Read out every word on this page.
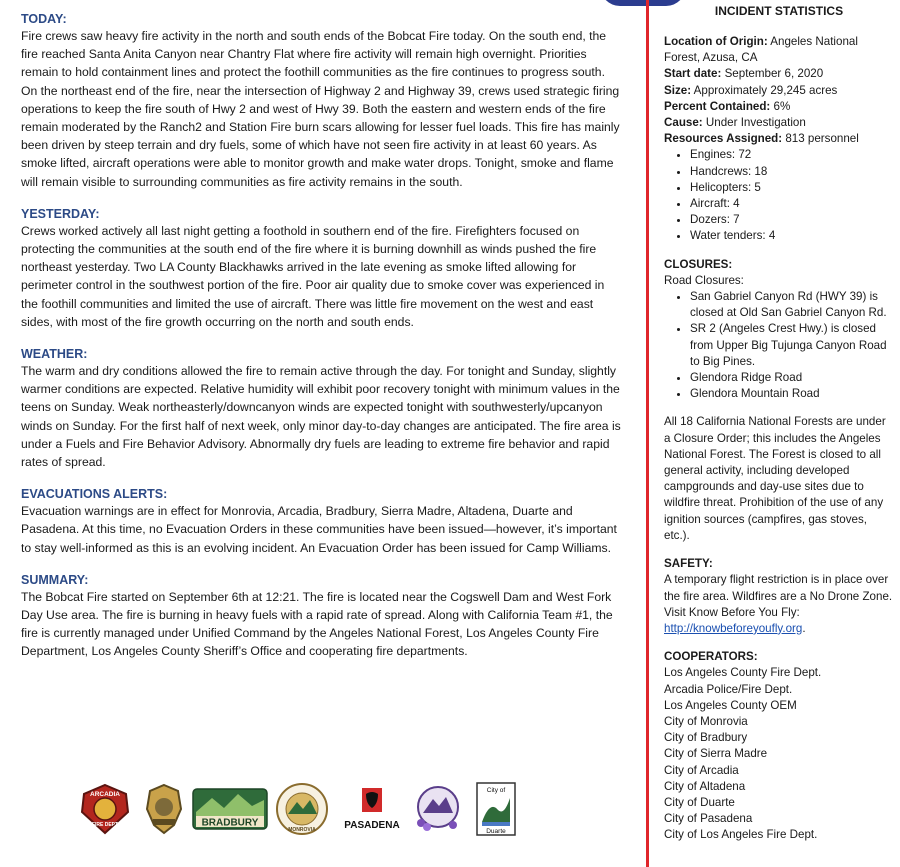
TODAY:

Fire crews saw heavy fire activity in the north and south ends of the Bobcat Fire today. On the south end, the fire reached Santa Anita Canyon near Chantry Flat where fire activity will remain high overnight. Priorities remain to hold containment lines and protect the foothill communities as the fire continues to progress south. On the northeast end of the fire, near the intersection of Highway 2 and Highway 39, crews used strategic firing operations to keep the fire south of Hwy 2 and west of Hwy 39. Both the eastern and western ends of the fire remain moderated by the Ranch2 and Station Fire burn scars allowing for lesser fuel loads. This fire has mainly been driven by steep terrain and dry fuels, some of which have not seen fire activity in at least 60 years. As smoke lifted, aircraft operations were able to monitor growth and make water drops. Tonight, smoke and flame will remain visible to surrounding communities as fire activity remains in the south.

YESTERDAY:

Crews worked actively all last night getting a foothold in southern end of the fire. Firefighters focused on protecting the communities at the south end of the fire where it is burning downhill as winds pushed the fire northeast yesterday. Two LA County Blackhawks arrived in the late evening as smoke lifted allowing for perimeter control in the southwest portion of the fire. Poor air quality due to smoke cover was experienced in the foothill communities and limited the use of aircraft. There was little fire movement on the west and east sides, with most of the fire growth occurring on the north and south ends.

WEATHER:

The warm and dry conditions allowed the fire to remain active through the day. For tonight and Sunday, slightly warmer conditions are expected. Relative humidity will exhibit poor recovery tonight with minimum values in the teens on Sunday. Weak northeasterly/downcanyon winds are expected tonight with southwesterly/upcanyon winds on Sunday. For the first half of next week, only minor day-to-day changes are anticipated. The fire area is under a Fuels and Fire Behavior Advisory. Abnormally dry fuels are leading to extreme fire behavior and rapid rates of spread.

EVACUATIONS ALERTS:

Evacuation warnings are in effect for Monrovia, Arcadia, Bradbury, Sierra Madre, Altadena, Duarte and Pasadena. At this time, no Evacuation Orders in these communities have been issued—however, it’s important to stay well-informed as this is an evolving incident. An Evacuation Order has been issued for Camp Williams.

SUMMARY:

The Bobcat Fire started on September 6th at 12:21. The fire is located near the Cogswell Dam and West Fork Day Use area. The fire is burning in heavy fuels with a rapid rate of spread. Along with California Team #1, the fire is currently managed under Unified Command by the Angeles National Forest, Los Angeles County Fire Department, Los Angeles County Sheriff’s Office and cooperating fire departments.

ARCADIA
FIRE DEPT	BRADBURY
MONROVIA	PASADENA
City of
Duarte
INCIDENT STATISTICS

Location of Origin: Angeles National Forest, Azusa, CA

Start date: September 6, 2020

Size: Approximately 29,245 acres

Percent Contained: 6%

Cause: Under Investigation

Resources Assigned: 813 personnel

• Engines: 72
• Handcrews: 18
• Helicopters: 5
• Aircraft: 4
• Dozers: 7
• Water tenders: 4

CLOSURES:

Road Closures:

• San Gabriel Canyon Rd (HWY 39) is closed at Old San Gabriel Canyon Rd.
• SR 2 (Angeles Crest Hwy.) is closed from Upper Big Tujunga Canyon Road to Big Pines.
• Glendora Ridge Road
• Glendora Mountain Road

All 18 California National Forests are under a Closure Order; this includes the Angeles National Forest. The Forest is closed to all general activity, including developed campgrounds and day-use sites due to wildfire threat. Prohibition of the use of any ignition sources (campfires, gas stoves, etc.).

SAFETY:

A temporary flight restriction is in place over the fire area. Wildfires are a No Drone Zone. Visit Know Before You Fly: http://knowbeforeyoufly.org.

COOPERATORS:

Los Angeles County Fire Dept.

Arcadia Police/Fire Dept.

Los Angeles County OEM

City of Monrovia

City of Bradbury

City of Sierra Madre

City of Arcadia

City of Altadena

City of Duarte

City of Pasadena

City of Los Angeles Fire Dept.
